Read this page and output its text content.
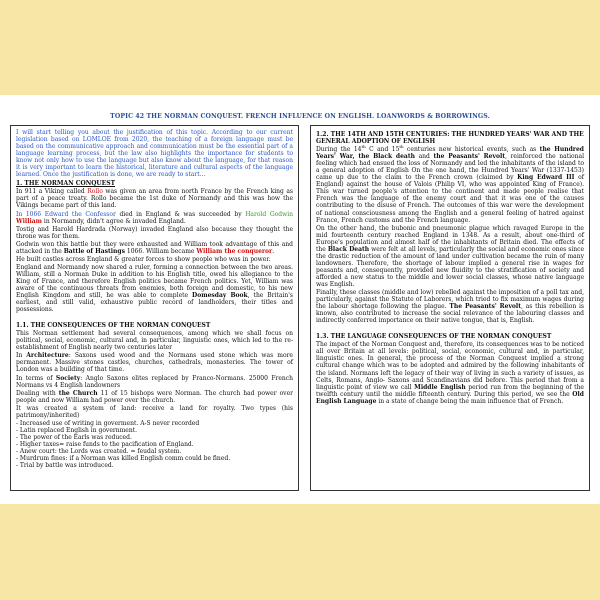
TOPIC 42 THE NORMAN CONQUEST. FRENCH INFLUENCE ON ENGLISH. LOANWORDS & BORROWINGS.

I will start telling you about the justification of this topic. According to our current legislation based on LOMLOE from 2020, the teaching of a foreign language must be based on the communicative approach and communication must be the essential part of a language learning process, but the law also highlights the importance for students to know not only how to use the language but also know about the language, for that reason it is very important to learn the historical, literature and cultural aspects of the language learned. Once the justification is done, we are ready to start...

1. THE NORMAN CONQUEST

In 911 a Viking called Rollo was given an area from north France by the French king as part of a peace treaty. Rollo became the 1st duke of Normandy and this was how the Vikings became part of this land.

In 1066 Edward the Confessor died in England & was succeeded by Harold Godwin William in Normandy, didn't agree & invaded England.

Tostig and Harold Hardrada (Norway) invaded England also because they thought the throne was for them.

Godwin won this battle but they were exhausted and William took advantage of this and attacked in the Battle of Hastings 1066. William became William the conqueror.

He built castles across England & greater forces to show people who was in power.

England and Normandy now shared a ruler, forming a connection between the two areas. William, still a Norman Duke in addition to his English title, owed his allegiance to the King of France, and therefore English politics became French politics. Yet, William was aware of the continuous threats from enemies, both foreign and domestic, to his new English Kingdom and still, he was able to complete Domesday Book, the Britain's earliest, and still valid, exhaustive public record of landholders, their titles and possessions.

1.1. THE CONSEQUENCES OF THE NORMAN CONQUEST

This Norman settlement had several consequences, among which we shall focus on political, social, economic, cultural and, in particular, linguistic ones, which led to the re-establishment of English nearly two centuries later

In Architecture: Saxons used wood and the Normans used stone which was more permanent. Massive stones castles, churches, cathedrals, monasteries. The tower of London was a building of that time.

In terms of Society: Anglo Saxons elites replaced by Franco-Normans. 25000 French Normans vs 4 English landowners

Dealing with the Church 11 of 15 bishops were Norman. The church had power over people and now William had power over the church.

It was created a system of land: receive a land for royalty. Two types (his patrimony/inherited)

- Increased use of writing in goverment. A-S never recorded
- Latin replaced English in government.
- The power of the Earls was reduced.
- Higher taxes= raise funds to the pacification of England.
- Anew court: the Lords was created. = feudal system.
- Murdrum fines: if a Norman was killed English comm could be fined.
- Trial by battle was introduced.
1.2. THE 14TH AND 15TH CENTURIES: THE HUNDRED YEARS' WAR AND THE GENERAL ADOPTION OF ENGLISH

During the 14th C and 15th centuries new historical events, such as the Hundred Years' War, the Black death and the Peasants' Revolt, reinforced the national feeling which had ensued the loss of Normandy and led the inhabitants of the island to a general adoption of English On the one hand, the Hundred Years' War (1337-1453) came up due to the claim to the French crown (claimed by King Edward III of England) against the house of Valois (Philip VI, who was appointed King of France). This war turned people's attention to the continent and made people realise that French was the language of the enemy court and that it was one of the causes contributing to the disuse of French. The outcomes of this war were the development of national consciousness among the English and a general feeling of hatred against France, French customs and the French language.

On the other hand, the bubonic and pneumonic plague which ravaged Europe in the mid fourteenth century reached England in 1348. As a result, about one-third of Europe's population and almost half of the inhabitants of Britain died. The effects of the Black Death were felt at all levels, particularly the social and economic ones since the drastic reduction of the amount of land under cultivation became the ruin of many landowners. Therefore, the shortage of labour implied a general rise in wages for peasants and, consequently, provided new fluidity to the stratification of society and afforded a new status to the middle and lower social classes, whose native language was English.

Finally, these classes (middle and low) rebelled against the imposition of a poll tax and, particularly, against the Statute of Laborers, which tried to fix maximum wages during the labour shortage following the plague. The Peasants' Revolt, as this rebellion is known, also contributed to increase the social relevance of the labouring classes and indirectly conferred importance on their native tongue, that is, English.

1.3. THE LANGUAGE CONSEQUENCES OF THE NORMAN CONQUEST

The impact of the Norman Conquest and, therefore, its consequences was to be noticed all over Britain at all levels: political, social, economic, cultural and, in particular, linguistic ones. In general, the process of the Norman Conquest implied a strong cultural change which was to be adopted and admired by the following inhabitants of the island. Normans left the legacy of their way of living in such a variety of issues, as Celts, Romans, Anglo- Saxons and Scandinavians did before. This period that from a linguistic point of view we call Middle English period run from the beginning of the twelfth century until the middle fifteenth century. During this period, we see the Old English Language in a state of change being the main influence that of French.
